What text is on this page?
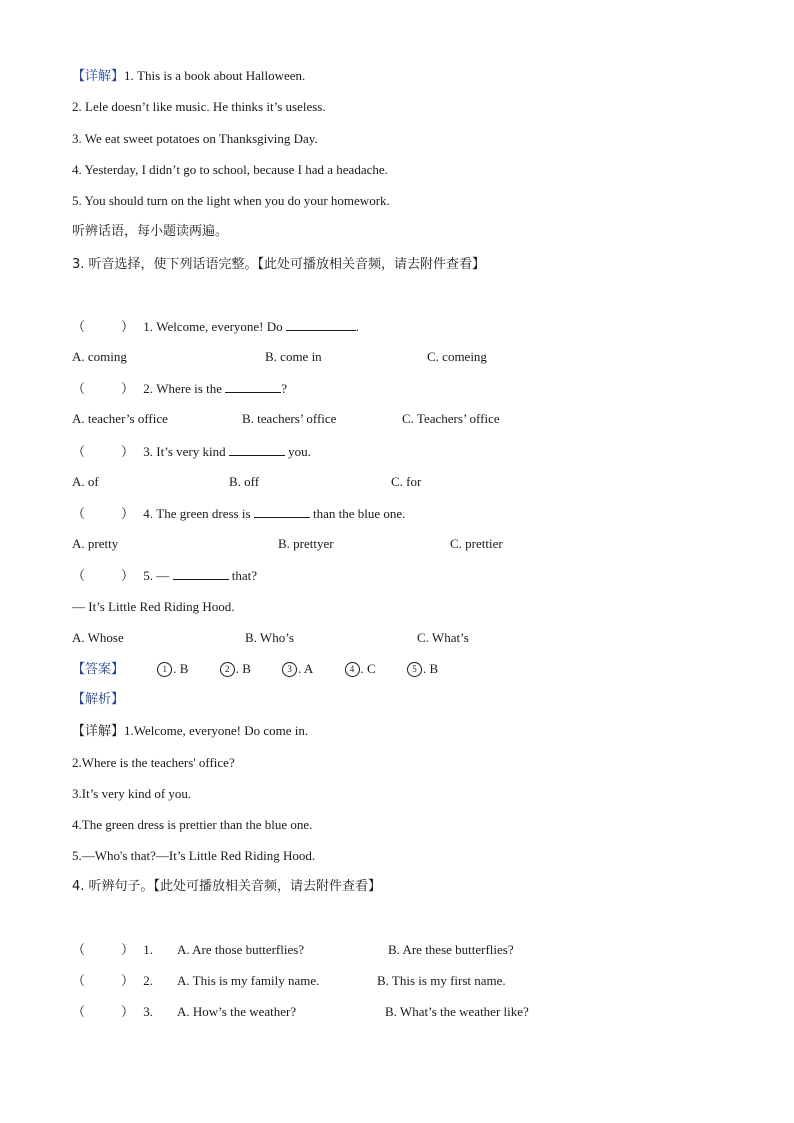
【详解】1. This is a book about Halloween.
2. Lele doesn’t like music. He thinks it’s useless.
3. We eat sweet potatoes on Thanksgiving Day.
4. Yesterday, I didn’t go to school, because I had a headache.
5. You should turn on the light when you do your homework.
听辨话语，每小题读两遍。
3. 听音选择，使下列话语完整。【此处可播放相关音频，请去附件查看】
（	） 1. Welcome, everyone! Do	.
A. coming	B. come in	C. comeing
（	） 2. Where is the	?
A. teacher’s office	B. teachers’ office	C. Teachers’ office
（	） 3. It’s very kind	you.
A. of	B. off	C. for
（	） 4. The green dress is	than the blue one.
A. pretty	B. prettyer	C. prettier
（	） 5. —	that?
— It’s Little Red Riding Hood.
A. Whose	B. Who’s	C. What’s
【答案】	1 . B	2 . B	3 . A	4 . C	5 . B
【解析】
【详解】1.Welcome, everyone! Do come in.
2.Where is the teachers' office?
3.It’s very kind of you.
4.The green dress is prettier than the blue one.
5.—Who's that?—It’s Little Red Riding Hood.
4. 听辨句子。【此处可播放相关音频，请去附件查看】
（	） 1. A. Are those butterflies?	B. Are these butterflies?
（	） 2. A. This is my family name.	B. This is my first name.
（	） 3. A. How’s the weather?	B. What’s the weather like?
